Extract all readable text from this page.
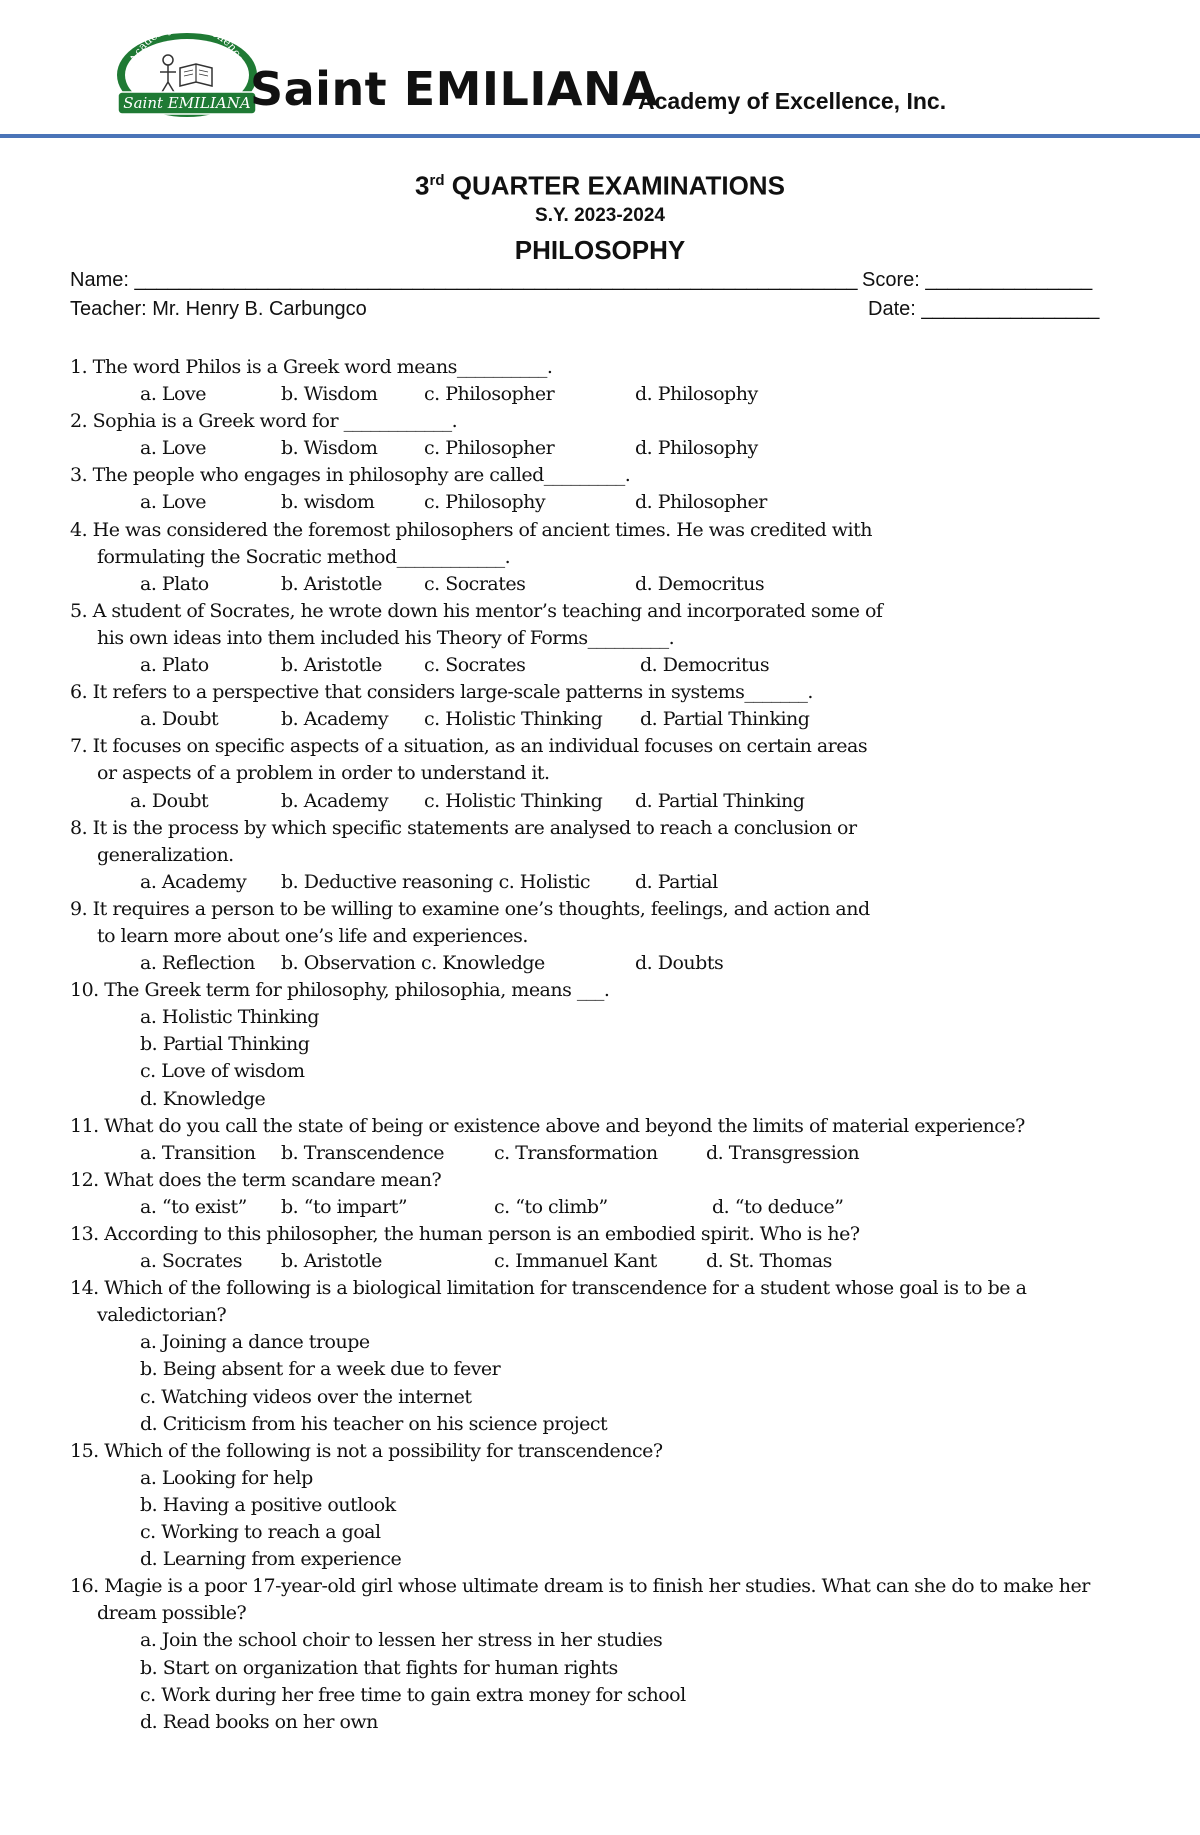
Academy of Excellence
Saint EMILIANA Saint EMILIANA
Academy of Excellence, Inc.
3rd QUARTER EXAMINATIONS
S.Y. 2023-2024
PHILOSOPHY
Name: _________________________________________________________________ Score: _______________
Teacher: Mr. Henry B. Carbungco	Date: ________________
1. The word Philos is a Greek word means__________.
a. Love	b. Wisdom c. Philosopher	d. Philosophy
2. Sophia is a Greek word for ____________.
a. Love	b. Wisdom c. Philosopher	d. Philosophy
3. The people who engages in philosophy are called_________.
a. Love	b. wisdom	c. Philosophy	d. Philosopher
4. He was considered the foremost philosophers of ancient times. He was credited with
formulating the Socratic method____________.
a. Plato	b. Aristotle c. Socrates	d. Democritus
5. A student of Socrates, he wrote down his mentor’s teaching and incorporated some of
his own ideas into them included his Theory of Forms_________.
a. Plato	b. Aristotle c. Socrates	d. Democritus
6. It refers to a perspective that considers large-scale patterns in systems_______.
a. Doubt	b. Academy c. Holistic Thinking d. Partial Thinking
7. It focuses on specific aspects of a situation, as an individual focuses on certain areas
or aspects of a problem in order to understand it.
a. Doubt	b. Academy c. Holistic Thinking d. Partial Thinking
8. It is the process by which specific statements are analysed to reach a conclusion or
generalization.
a. Academy b. Deductive reasoning c. Holistic d. Partial
9. It requires a person to be willing to examine one’s thoughts, feelings, and action and
to learn more about one’s life and experiences.
a. Reflection b. Observation c. Knowledge	d. Doubts
10. The Greek term for philosophy, philosophia, means ___.
a. Holistic Thinking
b. Partial Thinking
c. Love of wisdom
d. Knowledge
11. What do you call the state of being or existence above and beyond the limits of material experience?
a. Transition b. Transcendence	c. Transformation	d. Transgression
12. What does the term scandare mean?
a. “to exist” b. “to impart”	c. “to climb”	d. “to deduce”
13. According to this philosopher, the human person is an embodied spirit. Who is he?
a. Socrates b. Aristotle	c. Immanuel Kant	d. St. Thomas
14. Which of the following is a biological limitation for transcendence for a student whose goal is to be a
valedictorian?
a. Joining a dance troupe
b. Being absent for a week due to fever
c. Watching videos over the internet
d. Criticism from his teacher on his science project
15. Which of the following is not a possibility for transcendence?
a. Looking for help
b. Having a positive outlook
c. Working to reach a goal
d. Learning from experience
16. Magie is a poor 17-year-old girl whose ultimate dream is to finish her studies. What can she do to make her
dream possible?
a. Join the school choir to lessen her stress in her studies
b. Start on organization that fights for human rights
c. Work during her free time to gain extra money for school
d. Read books on her own
